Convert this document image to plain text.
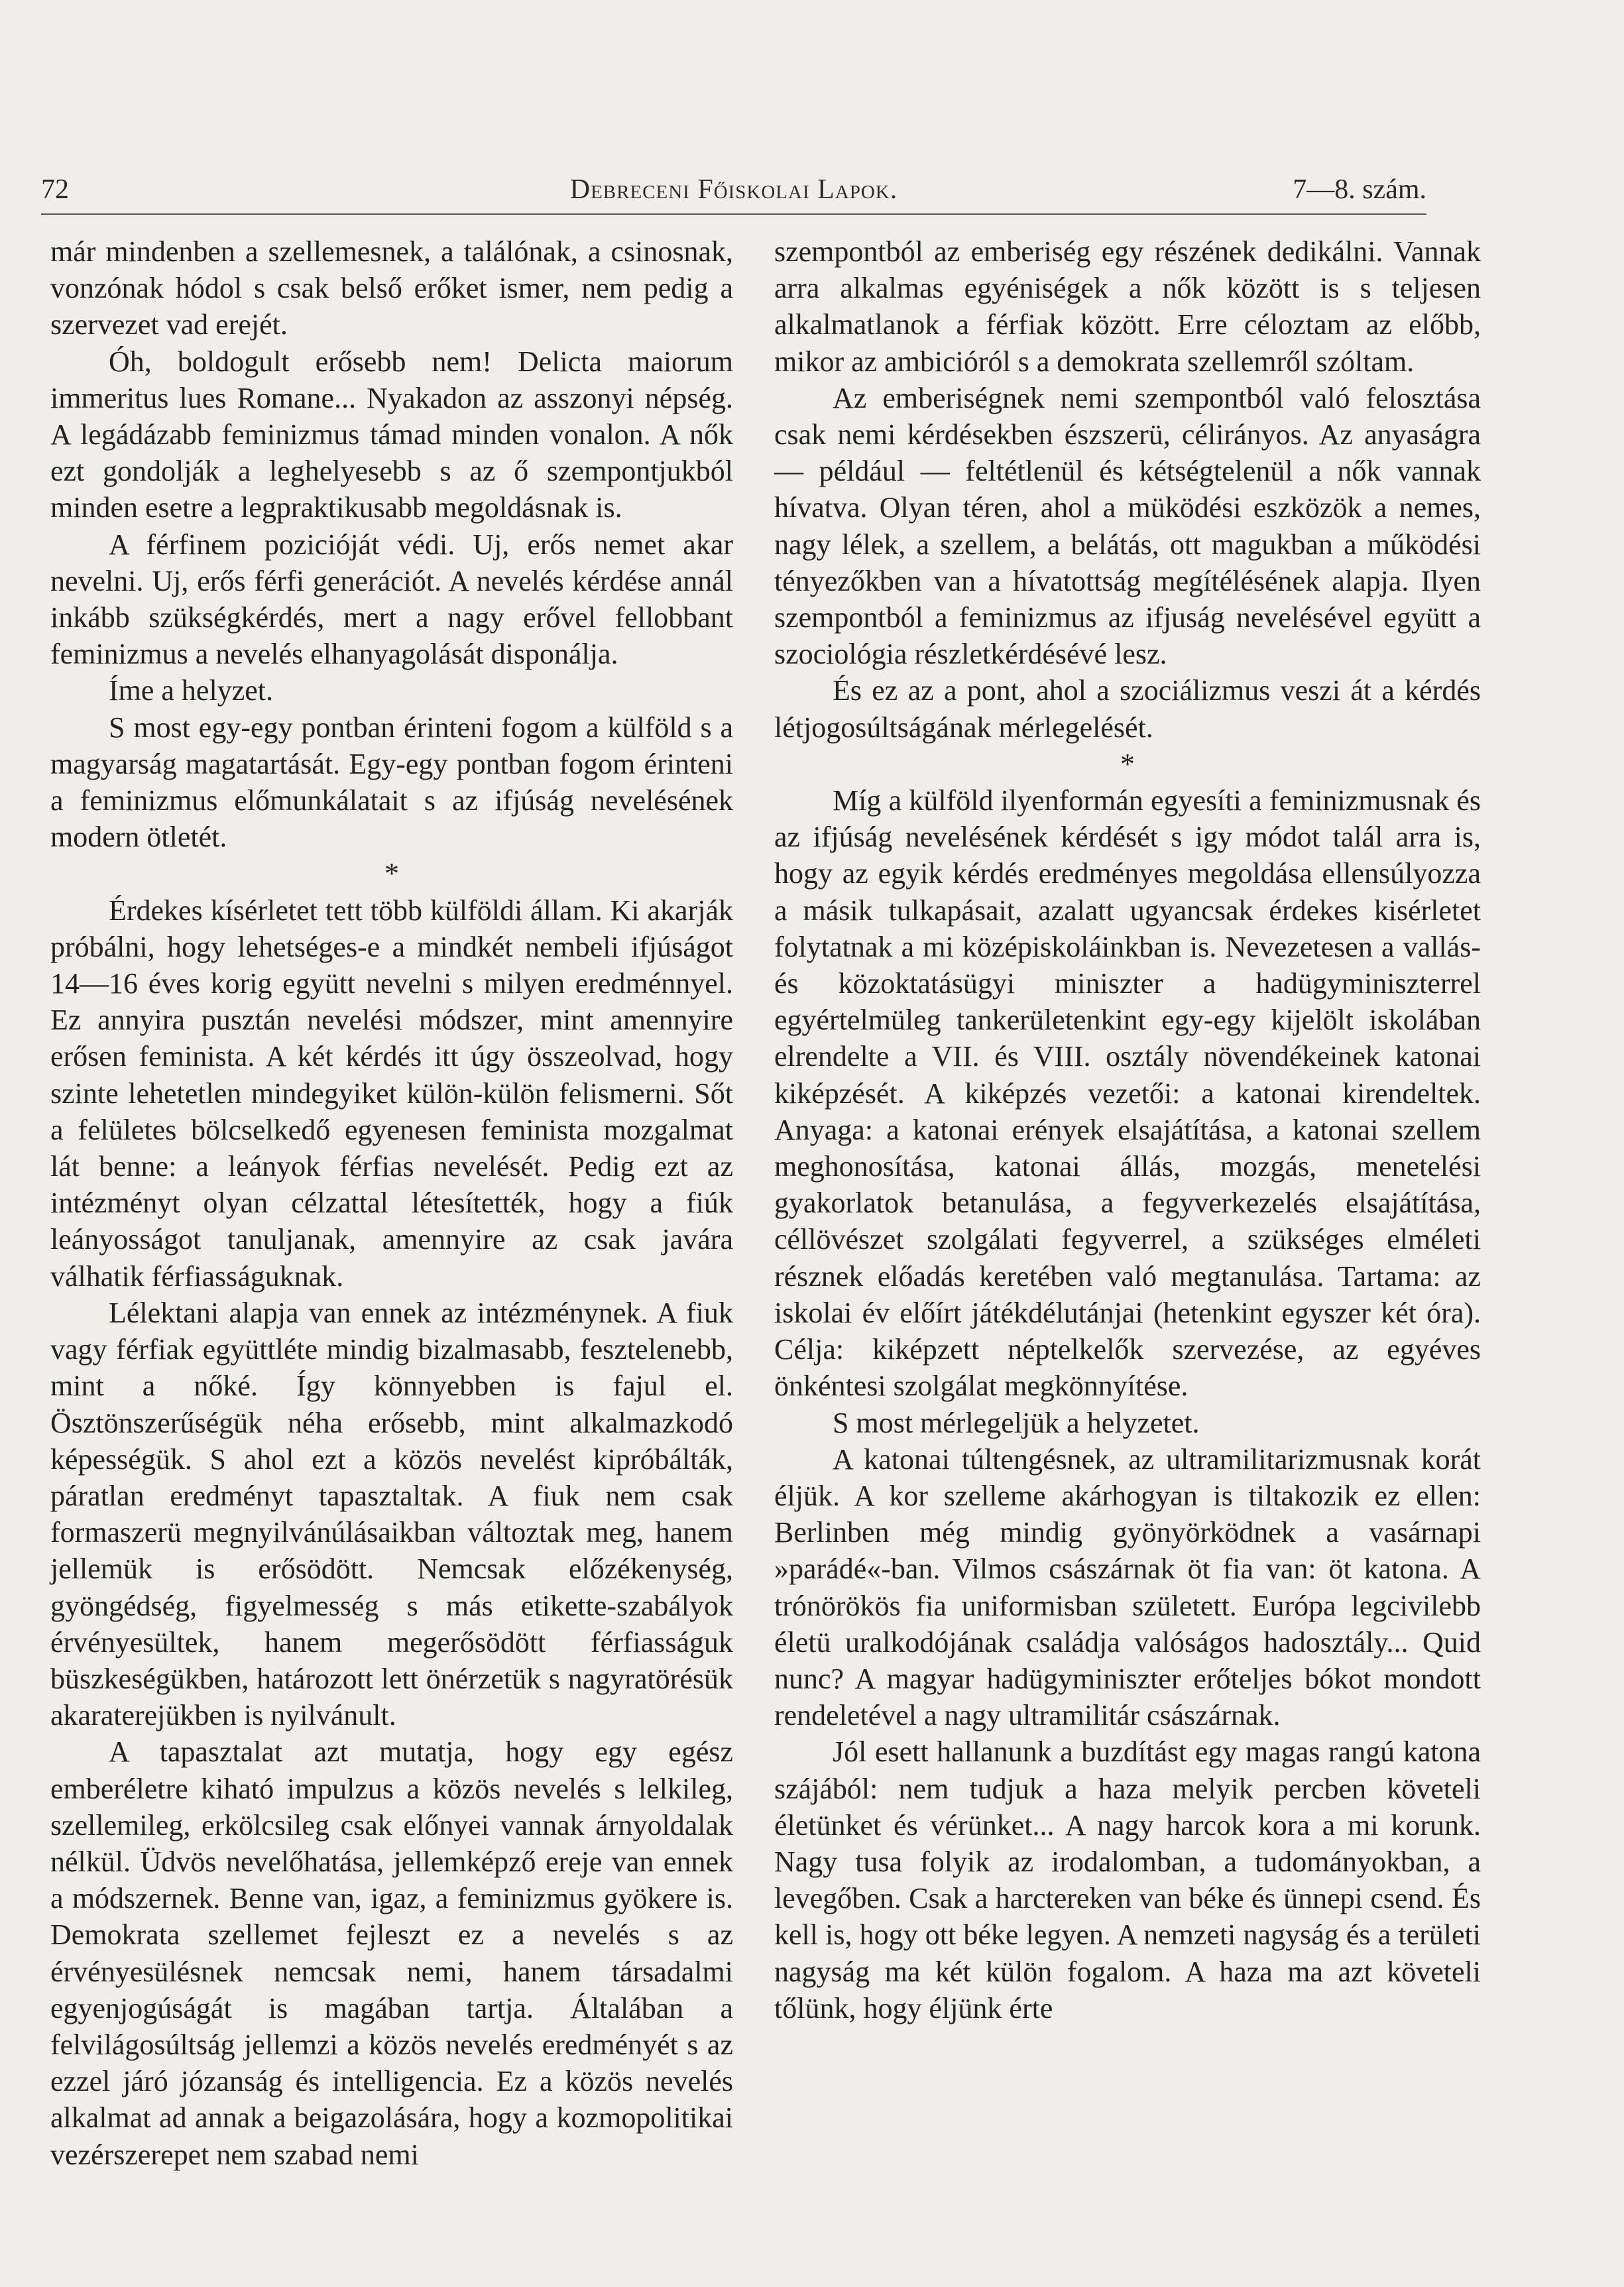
72	Debreceni Főiskolai Lapok.	7—8. szám.

már mindenben a szellemesnek, a találónak, a csinosnak, vonzónak hódol s csak belső erőket ismer, nem pedig a szervezet vad erejét.

Óh, boldogult erősebb nem! Delicta maiorum immeritus lues Romane... Nyakadon az asszonyi népség. A legádázabb feminizmus támad minden vonalon. A nők ezt gondolják a leghelyesebb s az ő szempontjukból minden esetre a legpraktikusabb megoldásnak is.

A férfinem pozicióját védi. Uj, erős nemet akar nevelni. Uj, erős férfi generációt. A nevelés kérdése annál inkább szükségkérdés, mert a nagy erővel fellobbant feminizmus a nevelés elhanyagolását disponálja.

Íme a helyzet.

S most egy-egy pontban érinteni fogom a külföld s a magyarság magatartását. Egy-egy pontban fogom érinteni a feminizmus előmunkálatait s az ifjúság nevelésének modern ötletét.

*

Érdekes kísérletet tett több külföldi állam. Ki akarják próbálni, hogy lehetséges-e a mindkét nembeli ifjúságot 14—16 éves korig együtt nevelni s milyen eredménnyel. Ez annyira pusztán nevelési módszer, mint amennyire erősen feminista. A két kérdés itt úgy összeolvad, hogy szinte lehetetlen mindegyiket külön-külön felismerni. Sőt a felületes bölcselkedő egyenesen feminista mozgalmat lát benne: a leányok férfias nevelését. Pedig ezt az intézményt olyan célzattal létesítették, hogy a fiúk leányosságot tanuljanak, amennyire az csak javára válhatik férfiasságuknak.

Lélektani alapja van ennek az intézménynek. A fiuk vagy férfiak együttléte mindig bizalmasabb, fesztelenebb, mint a nőké. Így könnyebben is fajul el. Ösztönszerűségük néha erősebb, mint alkalmazkodó képességük. S ahol ezt a közös nevelést kipróbálták, páratlan eredményt tapasztaltak. A fiuk nem csak formaszerü megnyilvánúlásaikban változtak meg, hanem jellemük is erősödött. Nemcsak előzékenység, gyöngédség, figyelmesség s más etikette-szabályok érvényesültek, hanem megerősödött férfiasságuk büszkeségükben, határozott lett önérzetük s nagyratörésük akaraterejükben is nyilvánult.

A tapasztalat azt mutatja, hogy egy egész emberéletre kiható impulzus a közös nevelés s lelkileg, szellemileg, erkölcsileg csak előnyei vannak árnyoldalak nélkül. Üdvös nevelőhatása, jellemképző ereje van ennek a módszernek. Benne van, igaz, a feminizmus gyökere is. Demokrata szellemet fejleszt ez a nevelés s az érvényesülésnek nemcsak nemi, hanem társadalmi egyenjogúságát is magában tartja. Általában a felvilágosúltság jellemzi a közös nevelés eredményét s az ezzel járó józanság és intelligencia. Ez a közös nevelés alkalmat ad annak a beigazolására, hogy a kozmopolitikai vezérszerepet nem szabad nemi

szempontból az emberiség egy részének dedikálni. Vannak arra alkalmas egyéniségek a nők között is s teljesen alkalmatlanok a férfiak között. Erre céloztam az előbb, mikor az ambicióról s a demokrata szellemről szóltam.

Az emberiségnek nemi szempontból való felosztása csak nemi kérdésekben észszerü, célirányos. Az anyaságra — például — feltétlenül és kétségtelenül a nők vannak hívatva. Olyan téren, ahol a müködési eszközök a nemes, nagy lélek, a szellem, a belátás, ott magukban a működési tényezőkben van a hívatottság megítélésének alapja. Ilyen szempontból a feminizmus az ifjuság nevelésével együtt a szociológia részletkérdésévé lesz.

És ez az a pont, ahol a szociálizmus veszi át a kérdés létjogosúltságának mérlegelését.

*

Míg a külföld ilyenformán egyesíti a feminizmusnak és az ifjúság nevelésének kérdését s igy módot talál arra is, hogy az egyik kérdés eredményes megoldása ellensúlyozza a másik tulkapásait, azalatt ugyancsak érdekes kisérletet folytatnak a mi középiskoláinkban is. Nevezetesen a vallás- és közoktatásügyi miniszter a hadügyminiszterrel egyértelmüleg tankerületenkint egy-egy kijelölt iskolában elrendelte a VII. és VIII. osztály növendékeinek katonai kiképzését. A kiképzés vezetői: a katonai kirendeltek. Anyaga: a katonai erények elsajátítása, a katonai szellem meghonosítása, katonai állás, mozgás, menetelési gyakorlatok betanulása, a fegyverkezelés elsajátítása, céllövészet szolgálati fegyverrel, a szükséges elméleti résznek előadás keretében való megtanulása. Tartama: az iskolai év előírt játékdélutánjai (hetenkint egyszer két óra). Célja: kiképzett néptelkelők szervezése, az egyéves önkéntesi szolgálat megkönnyítése.

S most mérlegeljük a helyzetet.

A katonai túltengésnek, az ultramilitarizmusnak korát éljük. A kor szelleme akárhogyan is tiltakozik ez ellen: Berlinben még mindig gyönyörködnek a vasárnapi »parádé«-ban. Vilmos császárnak öt fia van: öt katona. A trónörökös fia uniformisban született. Európa legcivilebb életü uralkodójának családja valóságos hadosztály... Quid nunc? A magyar hadügyminiszter erőteljes bókot mondott rendeletével a nagy ultramilitár császárnak.

Jól esett hallanunk a buzdítást egy magas rangú katona szájából: nem tudjuk a haza melyik percben követeli életünket és vérünket... A nagy harcok kora a mi korunk. Nagy tusa folyik az irodalomban, a tudományokban, a levegőben. Csak a harctereken van béke és ünnepi csend. És kell is, hogy ott béke legyen. A nemzeti nagyság és a területi nagyság ma két külön fogalom. A haza ma azt követeli tőlünk, hogy éljünk érte
